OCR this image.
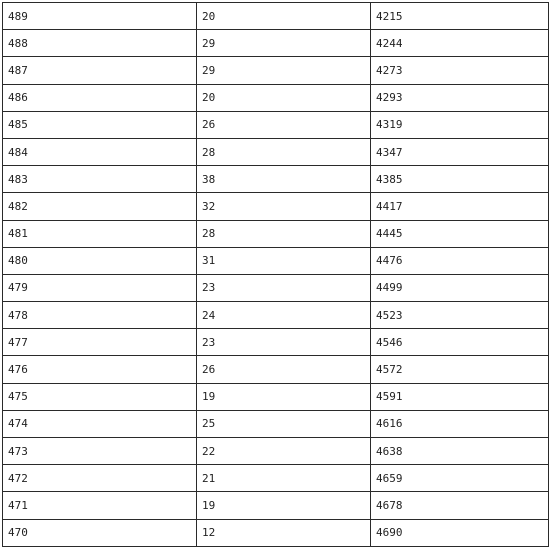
489	20	4215
488	29	4244
487	29	4273
486	20	4293
485	26	4319
484	28	4347
483	38	4385
482	32	4417
481	28	4445
480	31	4476
479	23	4499
478	24	4523
477	23	4546
476	26	4572
475	19	4591
474	25	4616
473	22	4638
472	21	4659
471	19	4678
470	12	4690
